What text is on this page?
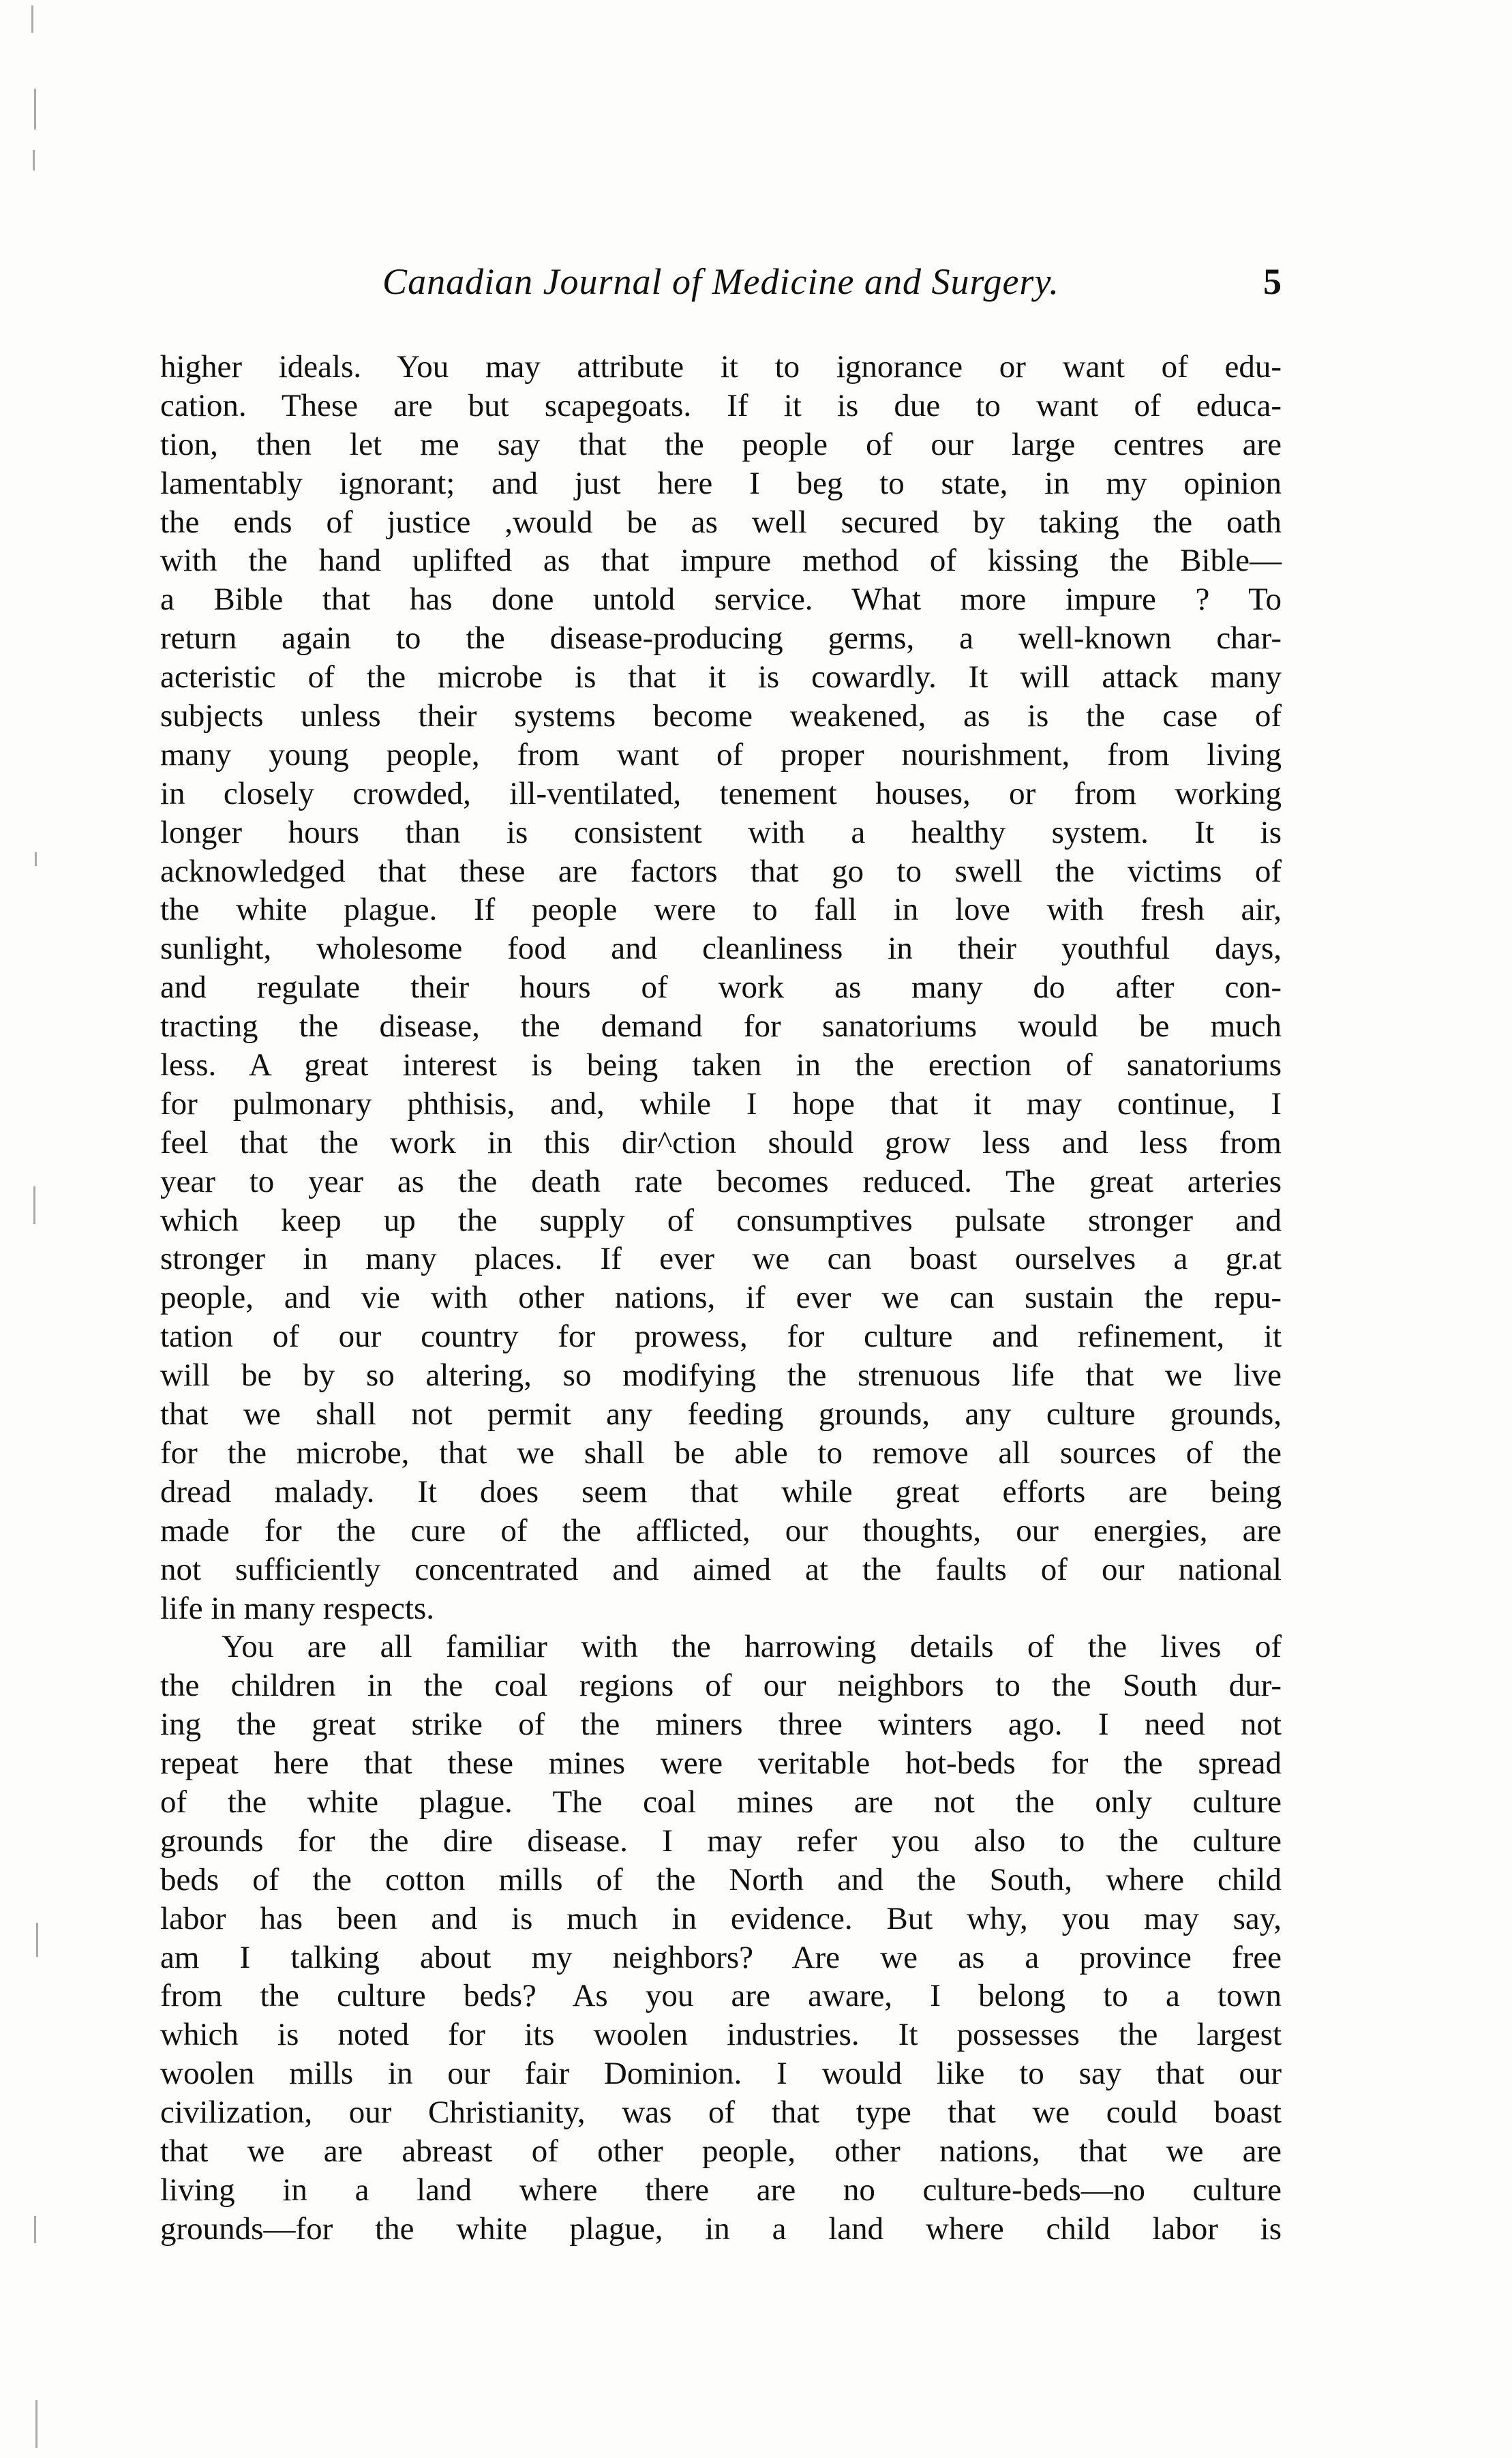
Canadian Journal of Medicine and Surgery.	5
higher ideals. You may attribute it to ignorance or want of edu-
cation. These are but scapegoats. If it is due to want of educa-
tion, then let me say that the people of our large centres are
lamentably ignorant; and just here I beg to state, in my opinion
the ends of justice ,would be as well secured by taking the oath
with the hand uplifted as that impure method of kissing the Bible—
a Bible that has done untold service. What more impure ? To
return again to the disease-producing germs, a well-known char-
acteristic of the microbe is that it is cowardly. It will attack many
subjects unless their systems become weakened, as is the case of
many young people, from want of proper nourishment, from living
in closely crowded, ill-ventilated, tenement houses, or from working
longer hours than is consistent with a healthy system. It is
acknowledged that these are factors that go to swell the victims of
the white plague. If people were to fall in love with fresh air,
sunlight, wholesome food and cleanliness in their youthful days,
and regulate their hours of work as many do after con-
tracting the disease, the demand for sanatoriums would be much
less. A great interest is being taken in the erection of sanatoriums
for pulmonary phthisis, and, while I hope that it may continue, I
feel that the work in this dir^ction should grow less and less from
year to year as the death rate becomes reduced. The great arteries
which keep up the supply of consumptives pulsate stronger and
stronger in many places. If ever we can boast ourselves a gr.at
people, and vie with other nations, if ever we can sustain the repu-
tation of our country for prowess, for culture and refinement, it
will be by so altering, so modifying the strenuous life that we live
that we shall not permit any feeding grounds, any culture grounds,
for the microbe, that we shall be able to remove all sources of the
dread malady. It does seem that while great efforts are being
made for the cure of the afflicted, our thoughts, our energies, are
not sufficiently concentrated and aimed at the faults of our national
life in many respects.
You are all familiar with the harrowing details of the lives of
the children in the coal regions of our neighbors to the South dur-
ing the great strike of the miners three winters ago. I need not
repeat here that these mines were veritable hot-beds for the spread
of the white plague. The coal mines are not the only culture
grounds for the dire disease. I may refer you also to the culture
beds of the cotton mills of the North and the South, where child
labor has been and is much in evidence. But why, you may say,
am I talking about my neighbors? Are we as a province free
from the culture beds? As you are aware, I belong to a town
which is noted for its woolen industries. It possesses the largest
woolen mills in our fair Dominion. I would like to say that our
civilization, our Christianity, was of that type that we could boast
that we are abreast of other people, other nations, that we are
living in a land where there are no culture-beds—no culture
grounds—for the white plague, in a land where child labor is
